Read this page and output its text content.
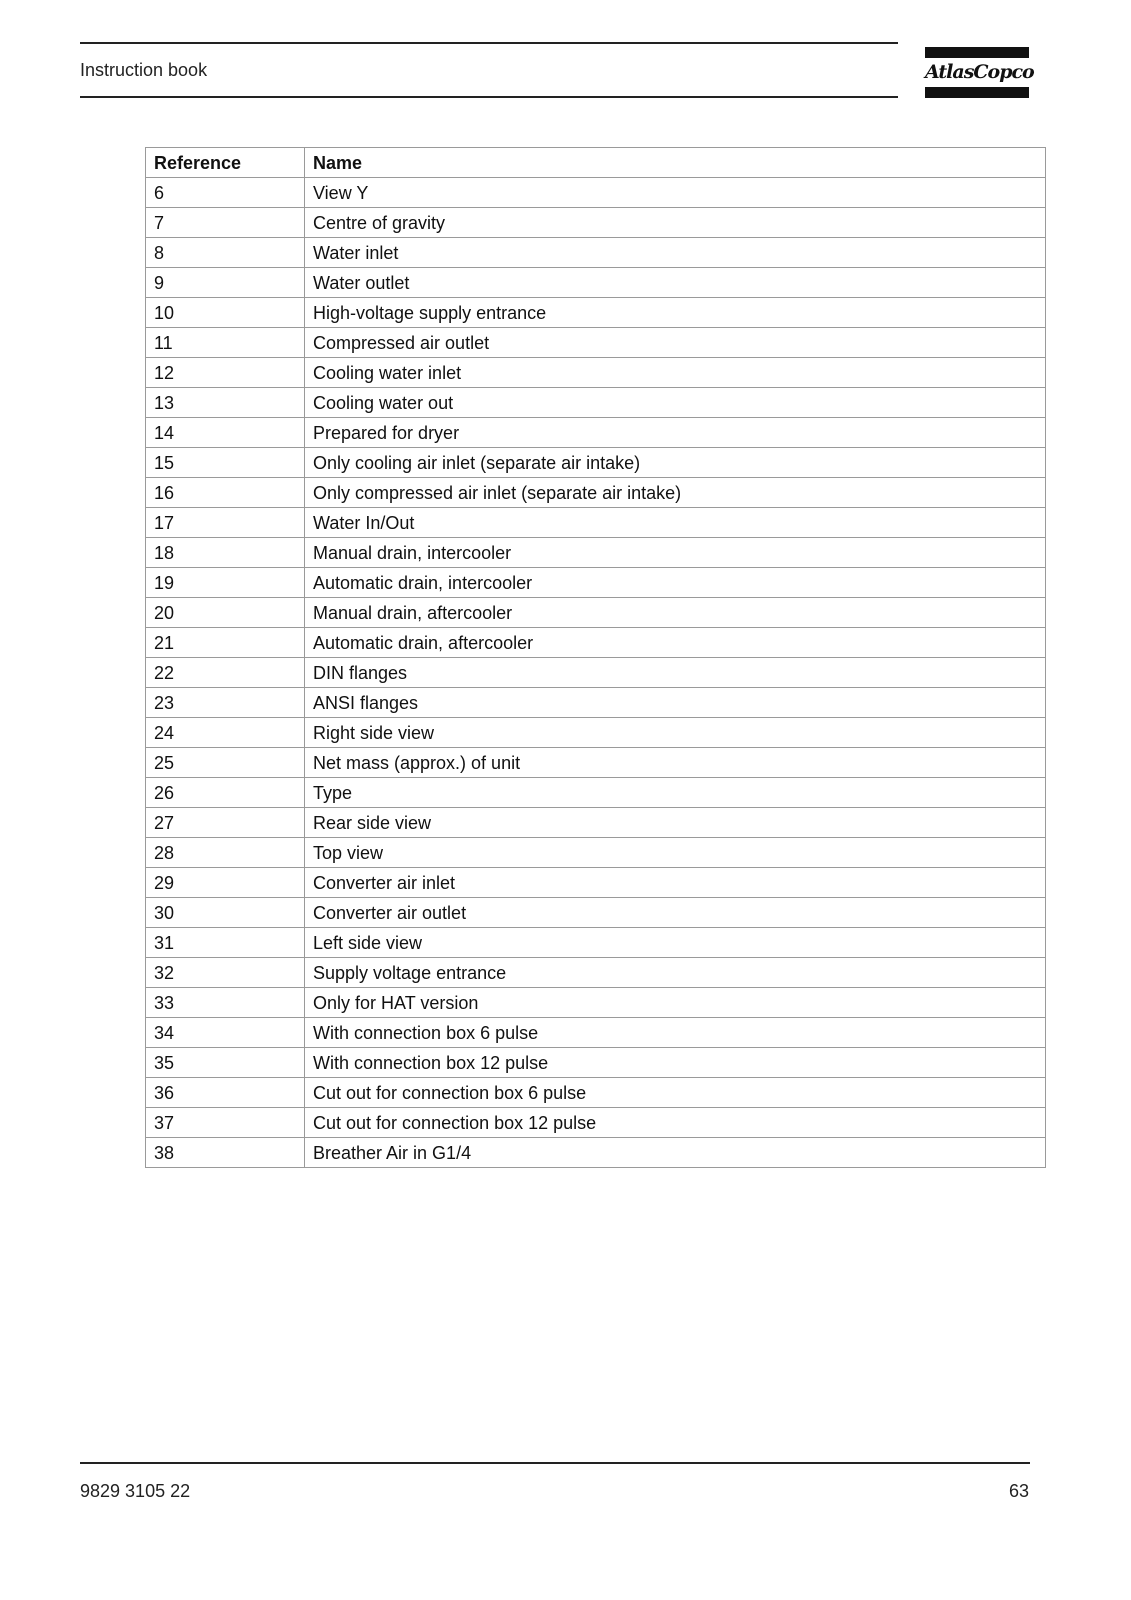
Instruction book	AtlasCopco
Reference	Name
6	View Y
7	Centre of gravity
8	Water inlet
9	Water outlet
10	High-voltage supply entrance
11	Compressed air outlet
12	Cooling water inlet
13	Cooling water out
14	Prepared for dryer
15	Only cooling air inlet (separate air intake)
16	Only compressed air inlet (separate air intake)
17	Water In/Out
18	Manual drain, intercooler
19	Automatic drain, intercooler
20	Manual drain, aftercooler
21	Automatic drain, aftercooler
22	DIN flanges
23	ANSI flanges
24	Right side view
25	Net mass (approx.) of unit
26	Type
27	Rear side view
28	Top view
29	Converter air inlet
30	Converter air outlet
31	Left side view
32	Supply voltage entrance
33	Only for HAT version
34	With connection box 6 pulse
35	With connection box 12 pulse
36	Cut out for connection box 6 pulse
37	Cut out for connection box 12 pulse
38	Breather Air in G1/4
9829 3105 22	63
